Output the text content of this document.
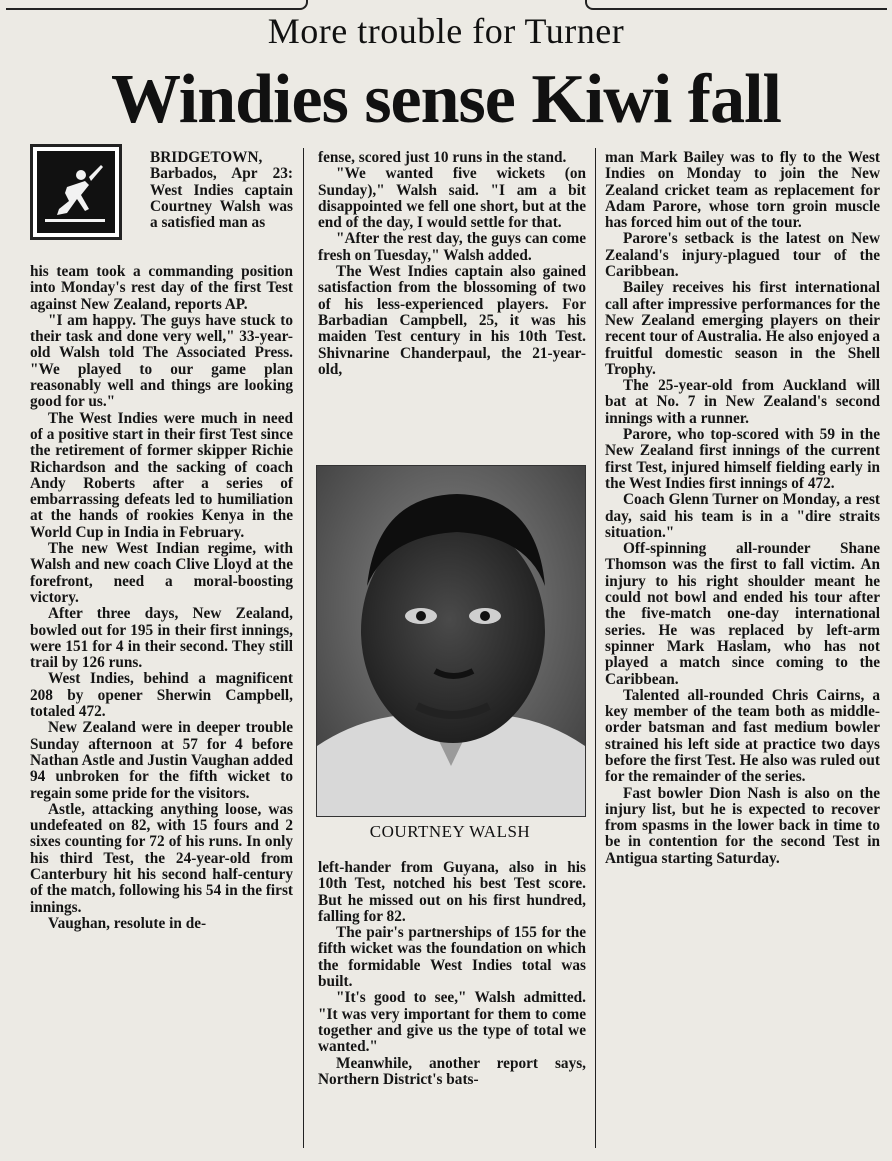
More trouble for Turner
Windies sense Kiwi fall

BRIDGETOWN, Barbados, Apr 23: West Indies captain Courtney Walsh was a satisfied man as

his team took a commanding position into Monday's rest day of the first Test against New Zealand, reports AP.

"I am happy. The guys have stuck to their task and done very well," 33-year-old Walsh told The Associated Press. "We played to our game plan reasonably well and things are looking good for us."

The West Indies were much in need of a positive start in their first Test since the retirement of former skipper Richie Richardson and the sacking of coach Andy Roberts after a series of embarrassing defeats led to humiliation at the hands of rookies Kenya in the World Cup in India in February.

The new West Indian regime, with Walsh and new coach Clive Lloyd at the forefront, need a moral-boosting victory.

After three days, New Zealand, bowled out for 195 in their first innings, were 151 for 4 in their second. They still trail by 126 runs.

West Indies, behind a magnificent 208 by opener Sherwin Campbell, totaled 472.

New Zealand were in deeper trouble Sunday afternoon at 57 for 4 before Nathan Astle and Justin Vaughan added 94 unbroken for the fifth wicket to regain some pride for the visitors.

Astle, attacking anything loose, was undefeated on 82, with 15 fours and 2 sixes counting for 72 of his runs. In only his third Test, the 24-year-old from Canterbury hit his second half-century of the match, following his 54 in the first innings.

Vaughan, resolute in de-

fense, scored just 10 runs in the stand.

"We wanted five wickets (on Sunday)," Walsh said. "I am a bit disappointed we fell one short, but at the end of the day, I would settle for that.

"After the rest day, the guys can come fresh on Tuesday," Walsh added.

The West Indies captain also gained satisfaction from the blossoming of two of his less-experienced players. For Barbadian Campbell, 25, it was his maiden Test century in his 10th Test. Shivnarine Chanderpaul, the 21-year-old,

COURTNEY WALSH

left-hander from Guyana, also in his 10th Test, notched his best Test score. But he missed out on his first hundred, falling for 82.

The pair's partnerships of 155 for the fifth wicket was the foundation on which the formidable West Indies total was built.

"It's good to see," Walsh admitted. "It was very important for them to come together and give us the type of total we wanted."

Meanwhile, another report says, Northern District's bats-

man Mark Bailey was to fly to the West Indies on Monday to join the New Zealand cricket team as replacement for Adam Parore, whose torn groin muscle has forced him out of the tour.

Parore's setback is the latest on New Zealand's injury-plagued tour of the Caribbean.

Bailey receives his first international call after impressive performances for the New Zealand emerging players on their recent tour of Australia. He also enjoyed a fruitful domestic season in the Shell Trophy.

The 25-year-old from Auckland will bat at No. 7 in New Zealand's second innings with a runner.

Parore, who top-scored with 59 in the New Zealand first innings of the current first Test, injured himself fielding early in the West Indies first innings of 472.

Coach Glenn Turner on Monday, a rest day, said his team is in a "dire straits situation."

Off-spinning all-rounder Shane Thomson was the first to fall victim. An injury to his right shoulder meant he could not bowl and ended his tour after the five-match one-day international series. He was replaced by left-arm spinner Mark Haslam, who has not played a match since coming to the Caribbean.

Talented all-rounded Chris Cairns, a key member of the team both as middle-order batsman and fast medium bowler strained his left side at practice two days before the first Test. He also was ruled out for the remainder of the series.

Fast bowler Dion Nash is also on the injury list, but he is expected to recover from spasms in the lower back in time to be in contention for the second Test in Antigua starting Saturday.
